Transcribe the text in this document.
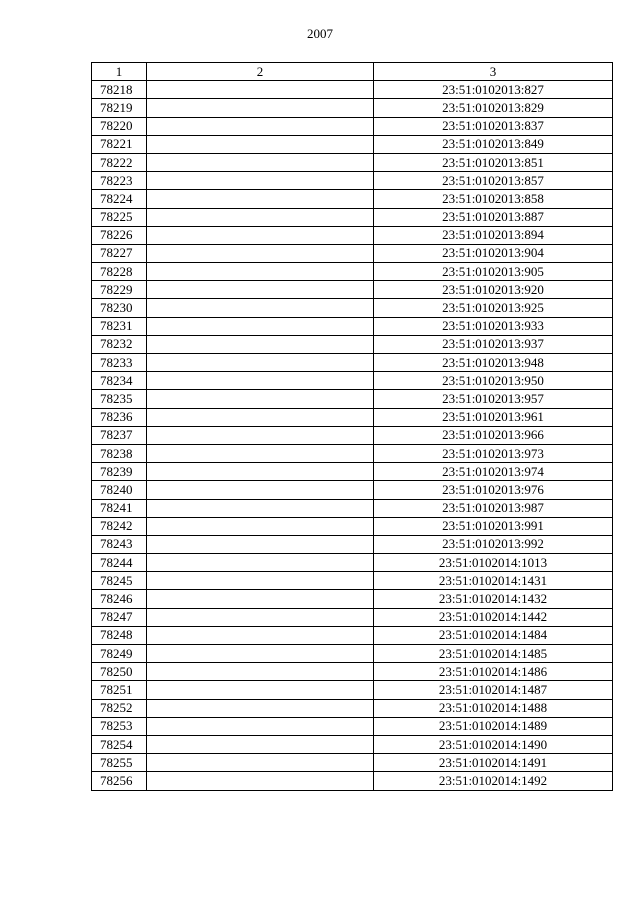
2007
1	2	3
78218		23:51:0102013:827
78219		23:51:0102013:829
78220		23:51:0102013:837
78221		23:51:0102013:849
78222		23:51:0102013:851
78223		23:51:0102013:857
78224		23:51:0102013:858
78225		23:51:0102013:887
78226		23:51:0102013:894
78227		23:51:0102013:904
78228		23:51:0102013:905
78229		23:51:0102013:920
78230		23:51:0102013:925
78231		23:51:0102013:933
78232		23:51:0102013:937
78233		23:51:0102013:948
78234		23:51:0102013:950
78235		23:51:0102013:957
78236		23:51:0102013:961
78237		23:51:0102013:966
78238		23:51:0102013:973
78239		23:51:0102013:974
78240		23:51:0102013:976
78241		23:51:0102013:987
78242		23:51:0102013:991
78243		23:51:0102013:992
78244		23:51:0102014:1013
78245		23:51:0102014:1431
78246		23:51:0102014:1432
78247		23:51:0102014:1442
78248		23:51:0102014:1484
78249		23:51:0102014:1485
78250		23:51:0102014:1486
78251		23:51:0102014:1487
78252		23:51:0102014:1488
78253		23:51:0102014:1489
78254		23:51:0102014:1490
78255		23:51:0102014:1491
78256		23:51:0102014:1492
